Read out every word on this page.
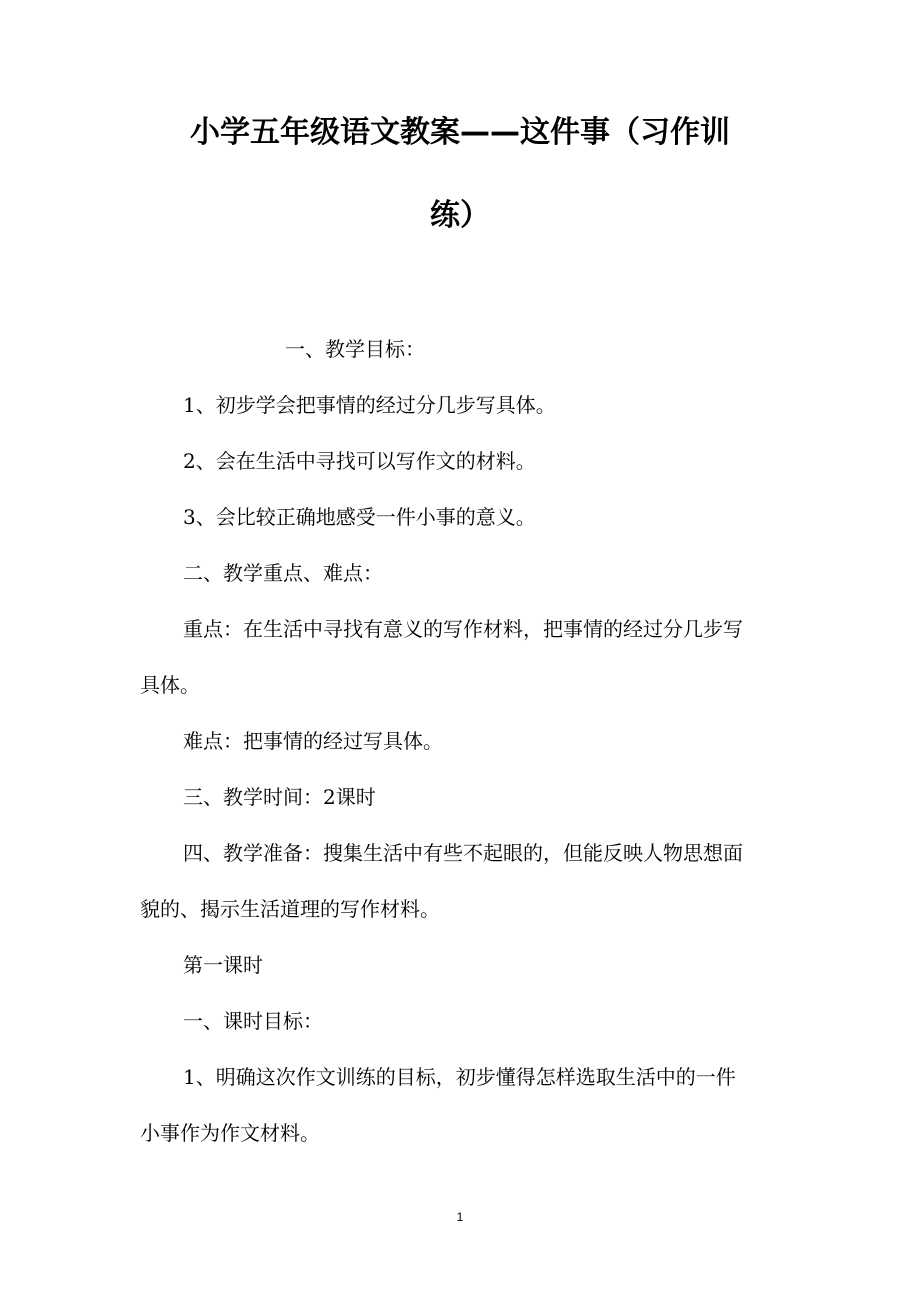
小学五年级语文教案——这件事（习作训
练）
一、教学目标：
1、初步学会把事情的经过分几步写具体。
2、会在生活中寻找可以写作文的材料。
3、会比较正确地感受一件小事的意义。
二、教学重点、难点：
重点：在生活中寻找有意义的写作材料，把事情的经过分几步写
具体。
难点：把事情的经过写具体。
三、教学时间：2课时
四、教学准备：搜集生活中有些不起眼的，但能反映人物思想面
貌的、揭示生活道理的写作材料。
第一课时
一、课时目标：
1、明确这次作文训练的目标，初步懂得怎样选取生活中的一件
小事作为作文材料。
1
